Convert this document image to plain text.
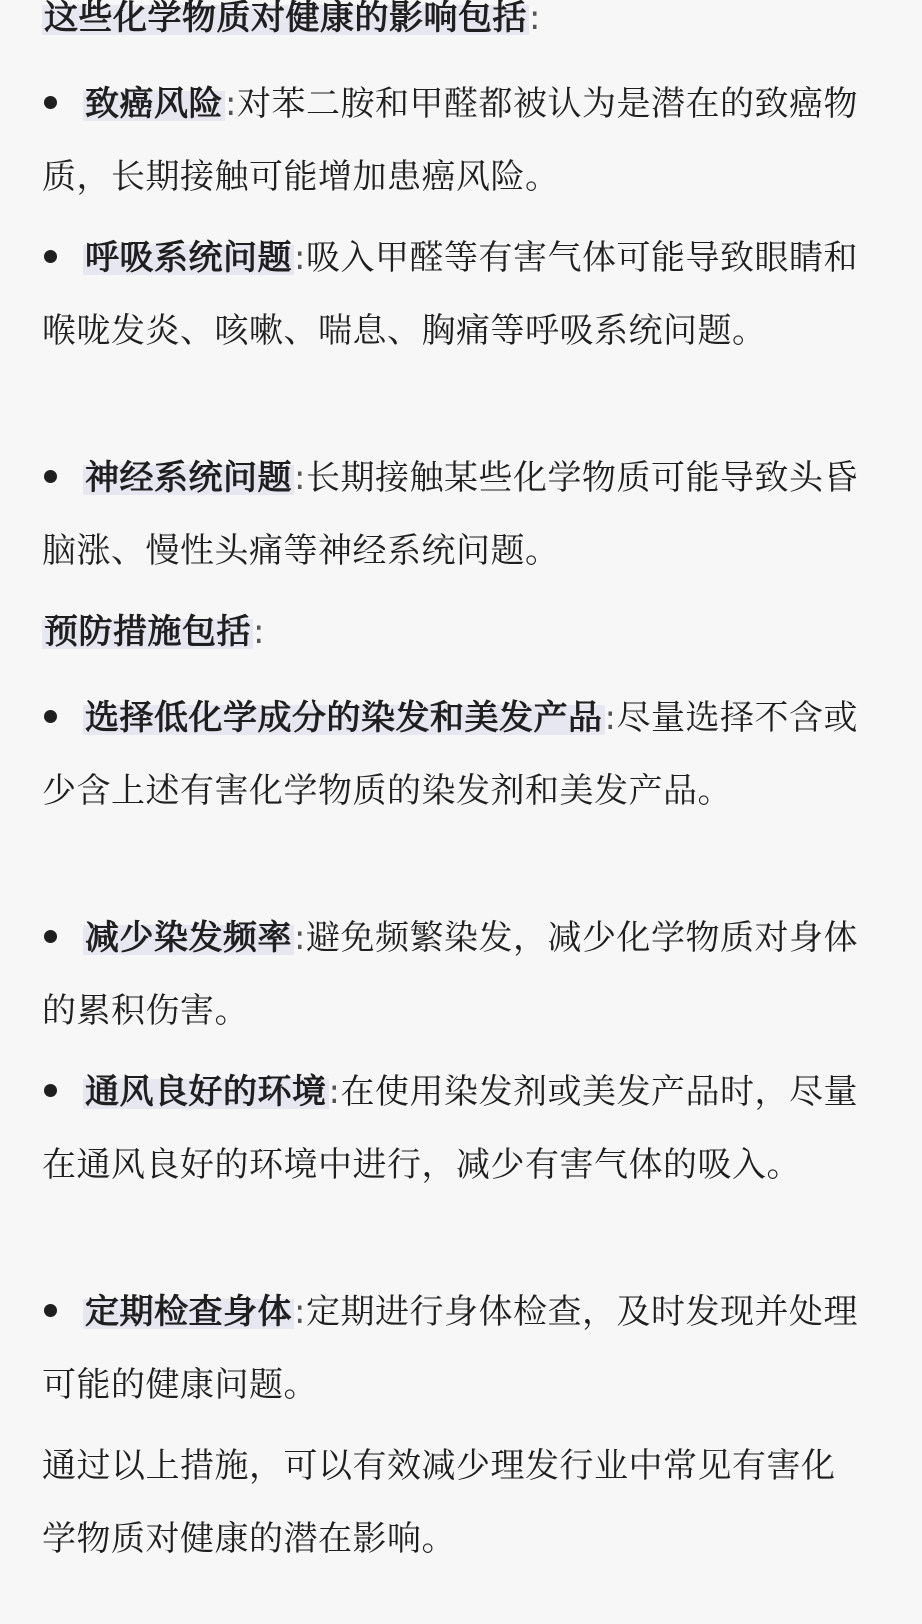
这些化学物质对健康的影响包括:
致癌风险:对苯二胺和甲醛都被认为是潜在的致癌物质，长期接触可能增加患癌风险。
呼吸系统问题:吸入甲醛等有害气体可能导致眼睛和喉咙发炎、咳嗽、喘息、胸痛等呼吸系统问题。
神经系统问题:长期接触某些化学物质可能导致头昏脑涨、慢性头痛等神经系统问题。
预防措施包括:
选择低化学成分的染发和美发产品:尽量选择不含或少含上述有害化学物质的染发剂和美发产品。
减少染发频率:避免频繁染发，减少化学物质对身体的累积伤害。
通风良好的环境:在使用染发剂或美发产品时，尽量在通风良好的环境中进行，减少有害气体的吸入。
定期检查身体:定期进行身体检查，及时发现并处理可能的健康问题。
通过以上措施，可以有效减少理发行业中常见有害化学物质对健康的潜在影响。
